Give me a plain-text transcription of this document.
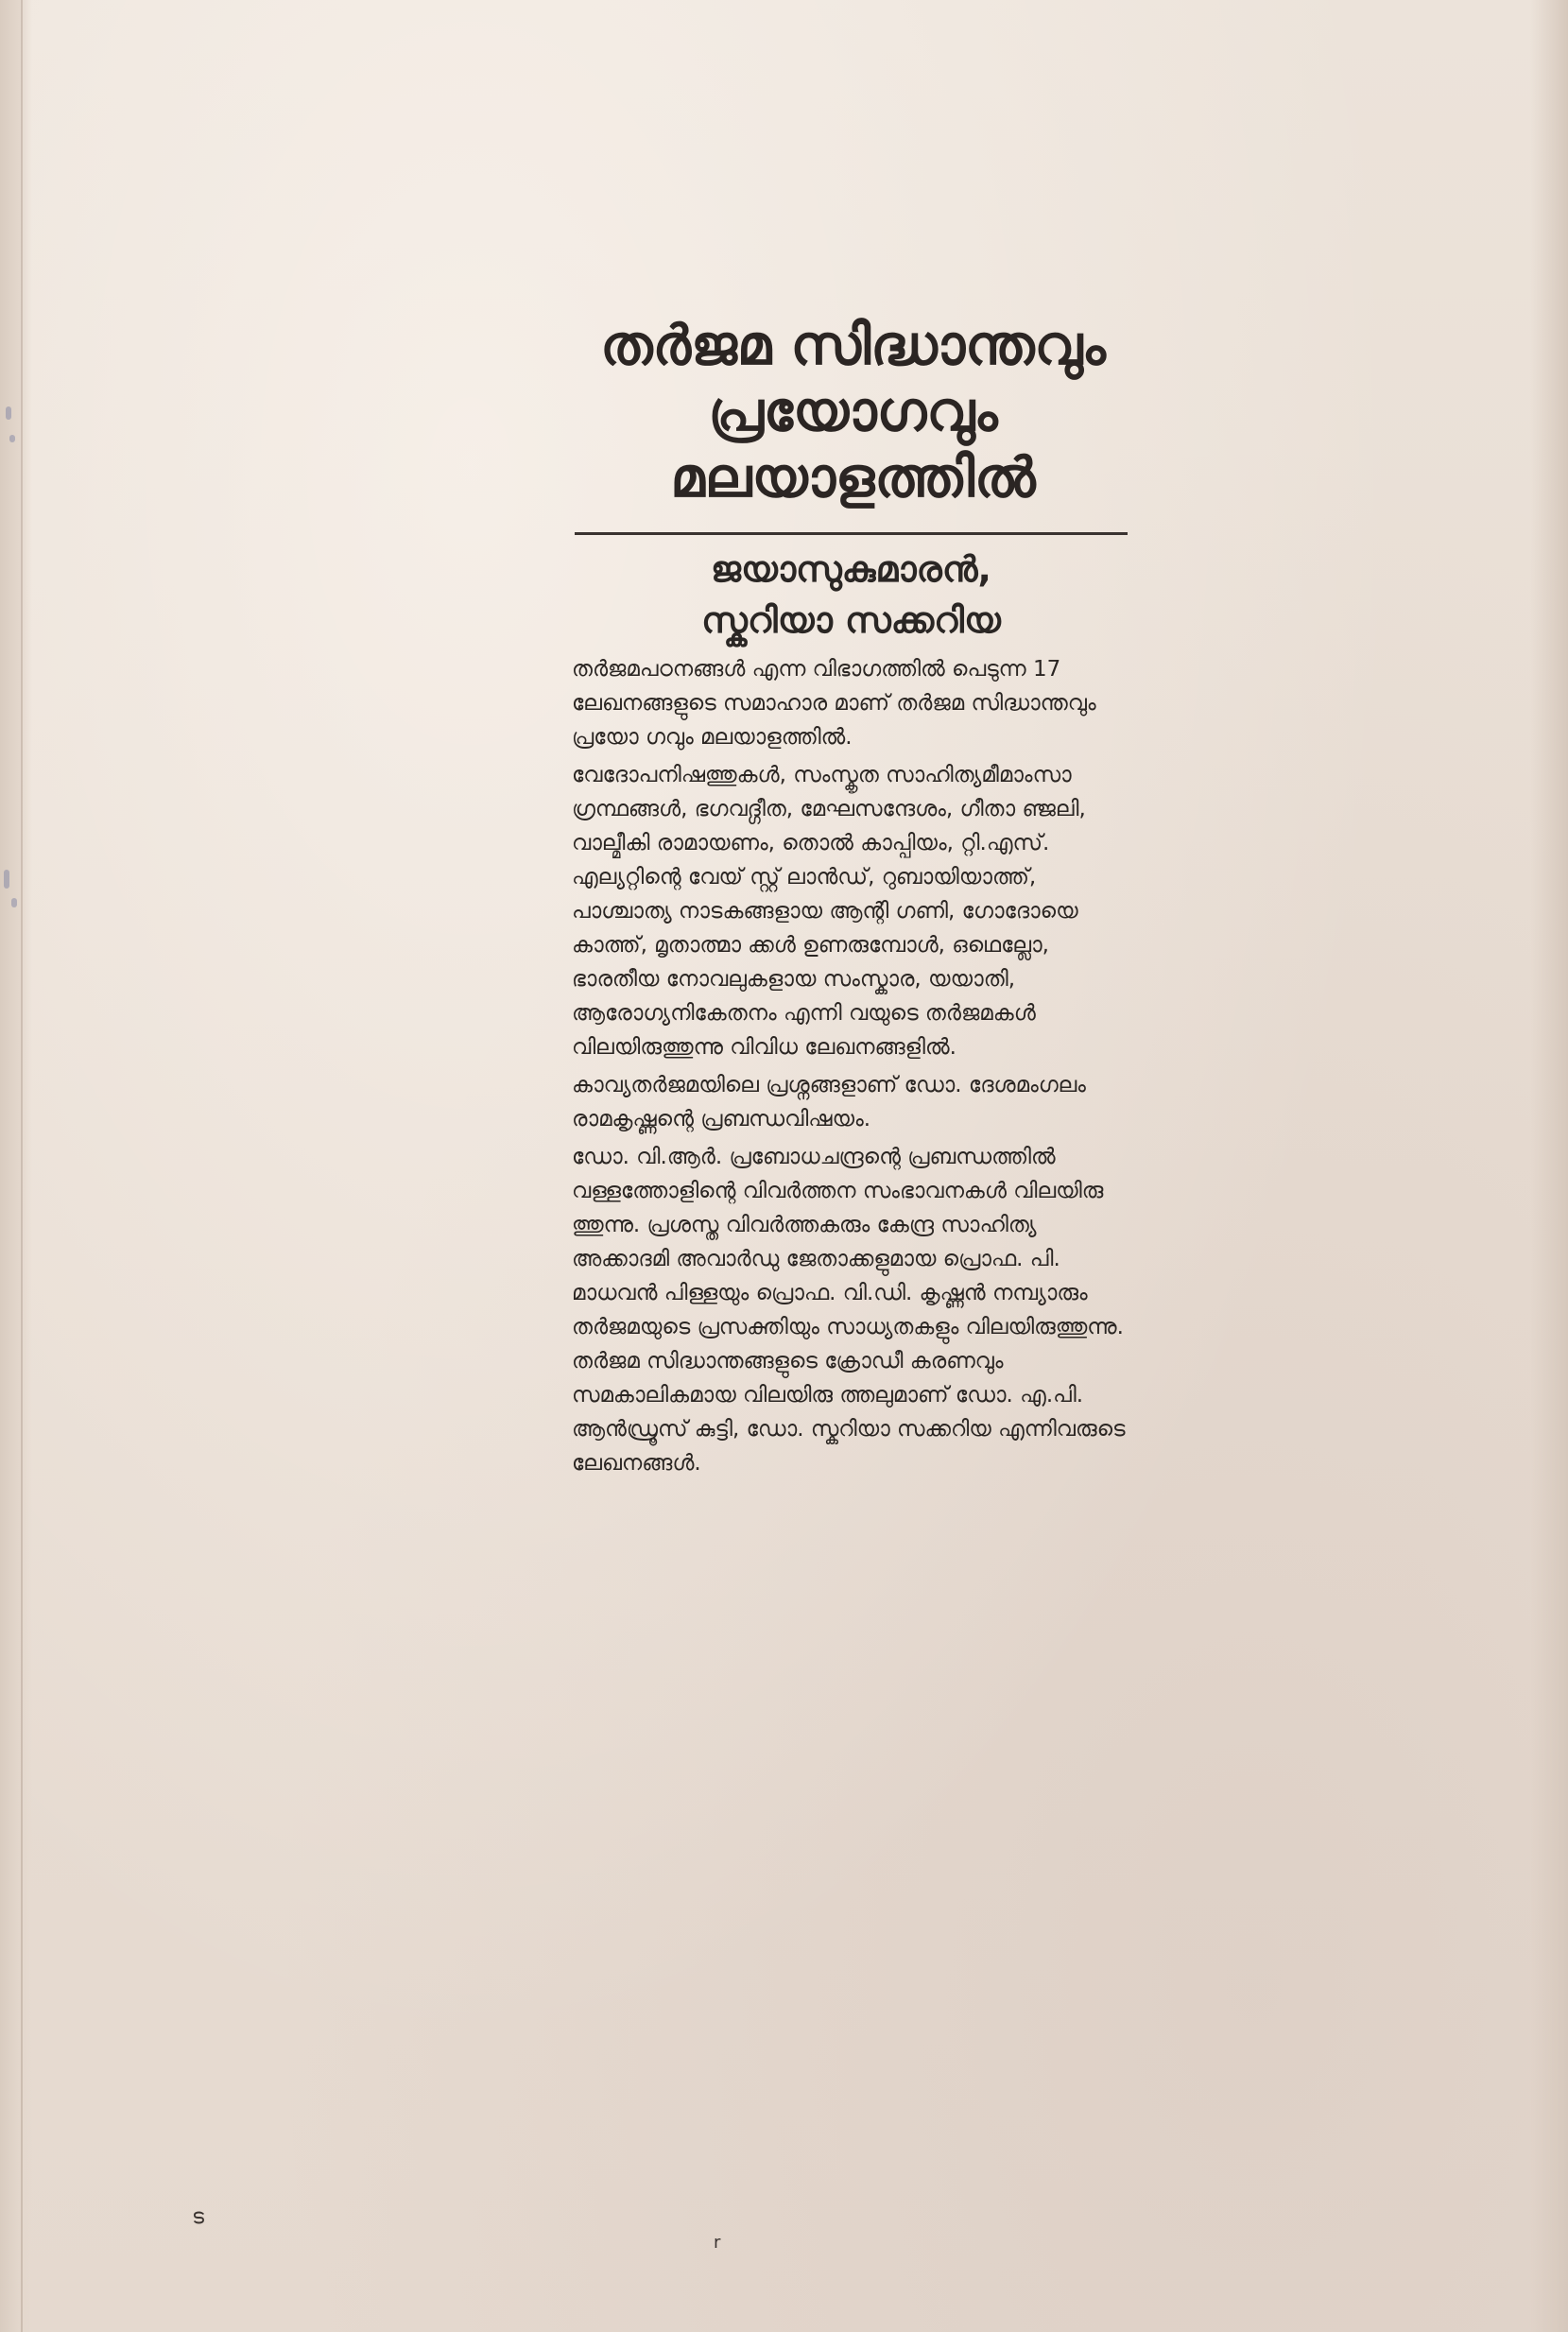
തർജമ സിദ്ധാന്തവും
പ്രയോഗവും
മലയാളത്തിൽ
ജയാസുകുമാരൻ,
സ്കറിയാ സക്കറിയ

തർജമപഠനങ്ങൾ എന്ന വിഭാഗത്തിൽ പെടുന്ന 17 ലേഖനങ്ങളുടെ സമാഹാര മാണ് തർജമ സിദ്ധാന്തവും പ്രയോ ഗവും മലയാളത്തിൽ.

വേദോപനിഷത്തുകൾ, സംസ്കൃത സാഹിത്യമീമാംസാ ഗ്രന്ഥങ്ങൾ, ഭഗവദ്ഗീത, മേഘസന്ദേശം, ഗീതാ ഞ്ജലി, വാല്മീകി രാമായണം, തൊൽ കാപ്പിയം, റ്റി.എസ്. എല്യറ്റിന്റെ വേയ് സ്റ്റ് ലാൻഡ്, റുബായിയാത്ത്, പാശ്ചാത്യ നാടകങ്ങളായ ആന്റി ഗണി, ഗോദോയെ കാത്ത്, മൃതാത്മാ ക്കൾ ഉണരുമ്പോൾ, ഒഥെല്ലോ, ഭാരതീയ നോവലുകളായ സംസ്കാര, യയാതി, ആരോഗ്യനികേതനം എന്നി വയുടെ തർജമകൾ വിലയിരുത്തുന്നു വിവിധ ലേഖനങ്ങളിൽ.

കാവ്യതർജമയിലെ പ്രശ്നങ്ങളാണ് ഡോ. ദേശമംഗലം രാമകൃഷ്ണന്റെ പ്രബന്ധവിഷയം.

ഡോ. വി.ആർ. പ്രബോധചന്ദ്രന്റെ പ്രബന്ധത്തിൽ വള്ളത്തോളിന്റെ വിവർത്തന സംഭാവനകൾ വിലയിരു ത്തുന്നു. പ്രശസ്ത വിവർത്തകരും കേന്ദ്ര സാഹിത്യ അക്കാദമി അവാർഡു ജേതാക്കളുമായ പ്രൊഫ. പി. മാധവൻ പിള്ളയും പ്രൊഫ. വി.ഡി. കൃഷ്ണൻ നമ്പ്യാരും തർജമയുടെ പ്രസക്തിയും സാധ്യതകളും വിലയിരുത്തുന്നു. തർജമ സിദ്ധാന്തങ്ങളുടെ ക്രോഡീ കരണവും സമകാലികമായ വിലയിരു ത്തലുമാണ് ഡോ. എ.പി. ആൻഡ്രൂസ് കുട്ടി, ഡോ. സ്കറിയാ സക്കറിയ എന്നിവരുടെ ലേഖനങ്ങൾ.

ട
r
